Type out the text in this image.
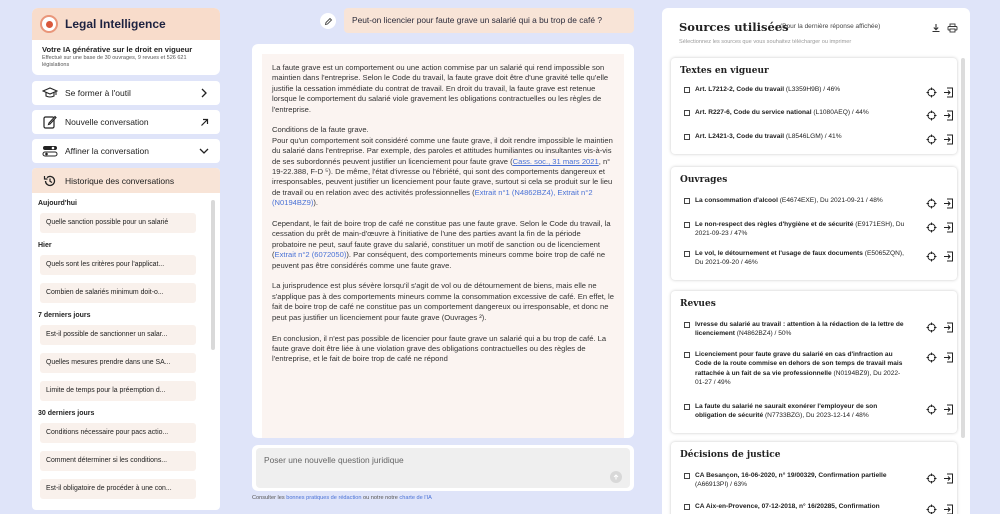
Legal Intelligence
Votre IA générative sur le droit en vigueur
Effectué sur une base de 30 ouvrages, 9 revues et 526 621 législations
Se former à l'outil
Nouvelle conversation
Affiner la conversation
Historique des conversations
Aujourd'hui
Quelle sanction possible pour un salarié
Hier
Quels sont les critères pour l'applicat...
Combien de salariés minimum doit-o...
7 derniers jours
Est-il possible de sanctionner un salar...
Quelles mesures prendre dans une SA...
Limite de temps pour la préemption d...
30 derniers jours
Conditions nécessaire pour pacs actio...
Comment déterminer si les conditions...
Est-il obligatoire de procéder à une con...
Peut-on licencier pour faute grave un salarié qui a bu trop de café ?

La faute grave est un comportement ou une action commise par un salarié qui rend impossible son maintien dans l'entreprise. Selon le Code du travail, la faute grave doit être d'une gravité telle qu'elle justifie la cessation immédiate du contrat de travail. En droit du travail, la faute grave est retenue lorsque le comportement du salarié viole gravement les obligations contractuelles ou les règles de l'entreprise.

Conditions de la faute grave.
Pour qu'un comportement soit considéré comme une faute grave, il doit rendre impossible le maintien du salarié dans l'entreprise. Par exemple, des paroles et attitudes humiliantes ou insultantes vis-à-vis de ses subordonnés peuvent justifier un licenciement pour faute grave (Cass. soc., 31 mars 2021, n° 19-22.388, F-D ⁵). De même, l'état d'ivresse ou l'ébriété, qui sont des comportements dangereux et irresponsables, peuvent justifier un licenciement pour faute grave, surtout si cela se produit sur le lieu de travail ou en relation avec des activités professionnelles (Extrait n°1 (N4862BZ4), Extrait n°2 (N0194BZ9)).

Cependant, le fait de boire trop de café ne constitue pas une faute grave. Selon le Code du travail, la cessation du prêt de main-d'œuvre à l'initiative de l'une des parties avant la fin de la période probatoire ne peut, sauf faute grave du salarié, constituer un motif de sanction ou de licenciement (Extrait n°2 (6072050)). Par conséquent, des comportements mineurs comme boire trop de café ne peuvent pas être considérés comme une faute grave.

La jurisprudence est plus sévère lorsqu'il s'agit de vol ou de détournement de biens, mais elle ne s'applique pas à des comportements mineurs comme la consommation excessive de café. En effet, le fait de boire trop de café ne constitue pas un comportement dangereux ou irresponsable, et donc ne peut pas justifier un licenciement pour faute grave (Ouvrages ²).

En conclusion, il n'est pas possible de licencier pour faute grave un salarié qui a bu trop de café. La faute grave doit être liée à une violation grave des obligations contractuelles ou des règles de l'entreprise, et le fait de boire trop de café ne répond

Poser une nouvelle question juridique
Consulter les bonnes pratiques de rédaction ou notre notre charte de l'IA
Sources utilisées
(Pour la dernière réponse affichée)
Sélectionnez les sources que vous souhaitez télécharger ou imprimer
Textes en vigueur
Art. L7212-2, Code du travail (L3359H9B) / 46%
Art. R227-6, Code du service national (L1080AEQ) / 44%
Art. L2421-3, Code du travail (L8546LGM) / 41%
Ouvrages
La consommation d'alcool (E4674EXE), Du 2021-09-21 / 48%
Le non-respect des règles d'hygiène et de sécurité (E9171ESH), Du 2021-09-23 / 47%
Le vol, le détournement et l'usage de faux documents (E5065ZQN), Du 2021-09-20 / 46%
Revues
Ivresse du salarié au travail : attention à la rédaction de la lettre de licenciement (N4862BZ4) / 50%
Licenciement pour faute grave du salarié en cas d'infraction au Code de la route commise en dehors de son temps de travail mais rattachée à un fait de sa vie professionnelle (N0194BZ9), Du 2022-01-27 / 49%
La faute du salarié ne saurait exonérer l'employeur de son obligation de sécurité (N7733BZG), Du 2023-12-14 / 48%
Décisions de justice
CA Besançon, 16-06-2020, n° 19/00329, Confirmation partielle (A66913PI) / 63%
CA Aix-en-Provence, 07-12-2018, n° 16/20285, Confirmation
